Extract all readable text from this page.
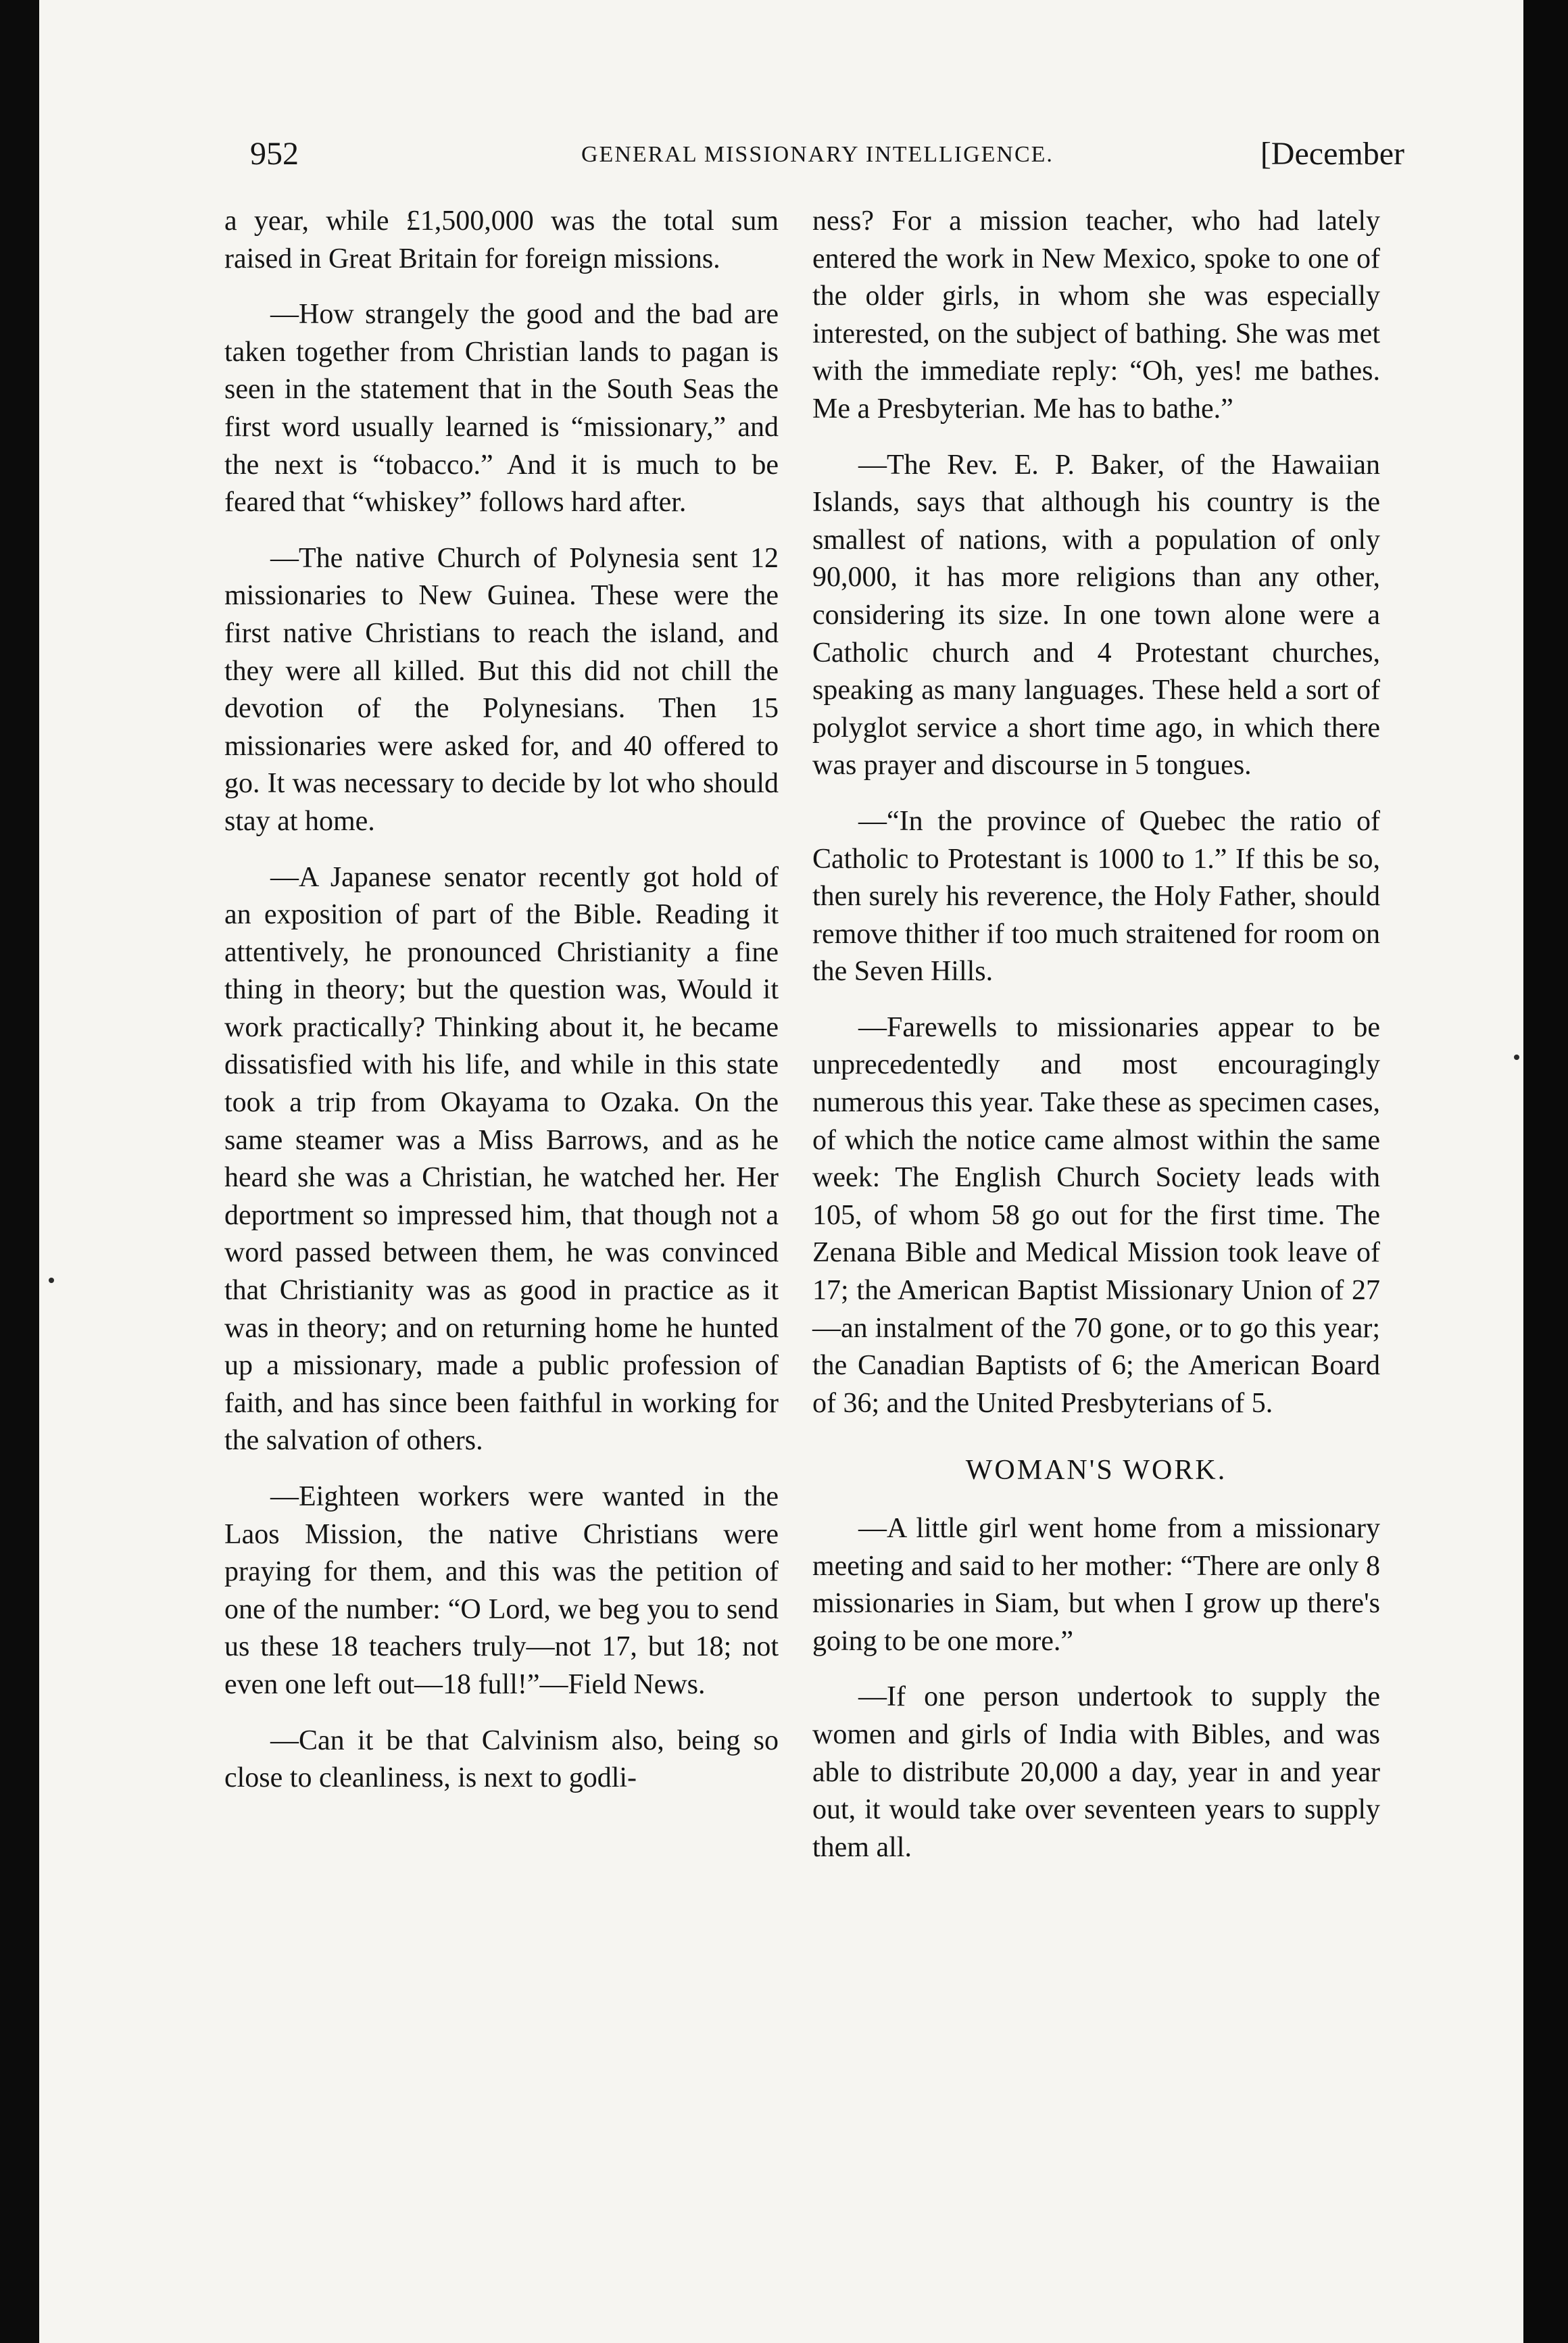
952	GENERAL MISSIONARY INTELLIGENCE.	[December

a year, while £1,500,000 was the total sum raised in Great Britain for foreign missions.

—How strangely the good and the bad are taken together from Christian lands to pagan is seen in the statement that in the South Seas the first word usually learned is “missionary,” and the next is “tobacco.” And it is much to be feared that “whiskey” follows hard after.

—The native Church of Polynesia sent 12 missionaries to New Guinea. These were the first native Christians to reach the island, and they were all killed. But this did not chill the devotion of the Polynesians. Then 15 missionaries were asked for, and 40 offered to go. It was necessary to decide by lot who should stay at home.

—A Japanese senator recently got hold of an exposition of part of the Bible. Reading it attentively, he pronounced Christianity a fine thing in theory; but the question was, Would it work practically? Thinking about it, he became dissatisfied with his life, and while in this state took a trip from Okayama to Ozaka. On the same steamer was a Miss Barrows, and as he heard she was a Christian, he watched her. Her deportment so impressed him, that though not a word passed between them, he was convinced that Christianity was as good in practice as it was in theory; and on returning home he hunted up a missionary, made a public profession of faith, and has since been faithful in working for the salvation of others.

—Eighteen workers were wanted in the Laos Mission, the native Christians were praying for them, and this was the petition of one of the number: “O Lord, we beg you to send us these 18 teachers truly—not 17, but 18; not even one left out—18 full!”—Field News.

—Can it be that Calvinism also, being so close to cleanliness, is next to godli-

ness? For a mission teacher, who had lately entered the work in New Mexico, spoke to one of the older girls, in whom she was especially interested, on the subject of bathing. She was met with the immediate reply: “Oh, yes! me bathes. Me a Presbyterian. Me has to bathe.”

—The Rev. E. P. Baker, of the Hawaiian Islands, says that although his country is the smallest of nations, with a population of only 90,000, it has more religions than any other, considering its size. In one town alone were a Catholic church and 4 Protestant churches, speaking as many languages. These held a sort of polyglot service a short time ago, in which there was prayer and discourse in 5 tongues.

—“In the province of Quebec the ratio of Catholic to Protestant is 1000 to 1.” If this be so, then surely his reverence, the Holy Father, should remove thither if too much straitened for room on the Seven Hills.

—Farewells to missionaries appear to be unprecedentedly and most encouragingly numerous this year. Take these as specimen cases, of which the notice came almost within the same week: The English Church Society leads with 105, of whom 58 go out for the first time. The Zenana Bible and Medical Mission took leave of 17; the American Baptist Missionary Union of 27—an instalment of the 70 gone, or to go this year; the Canadian Baptists of 6; the American Board of 36; and the United Presbyterians of 5.

WOMAN'S WORK.

—A little girl went home from a missionary meeting and said to her mother: “There are only 8 missionaries in Siam, but when I grow up there's going to be one more.”

—If one person undertook to supply the women and girls of India with Bibles, and was able to distribute 20,000 a day, year in and year out, it would take over seventeen years to supply them all.
